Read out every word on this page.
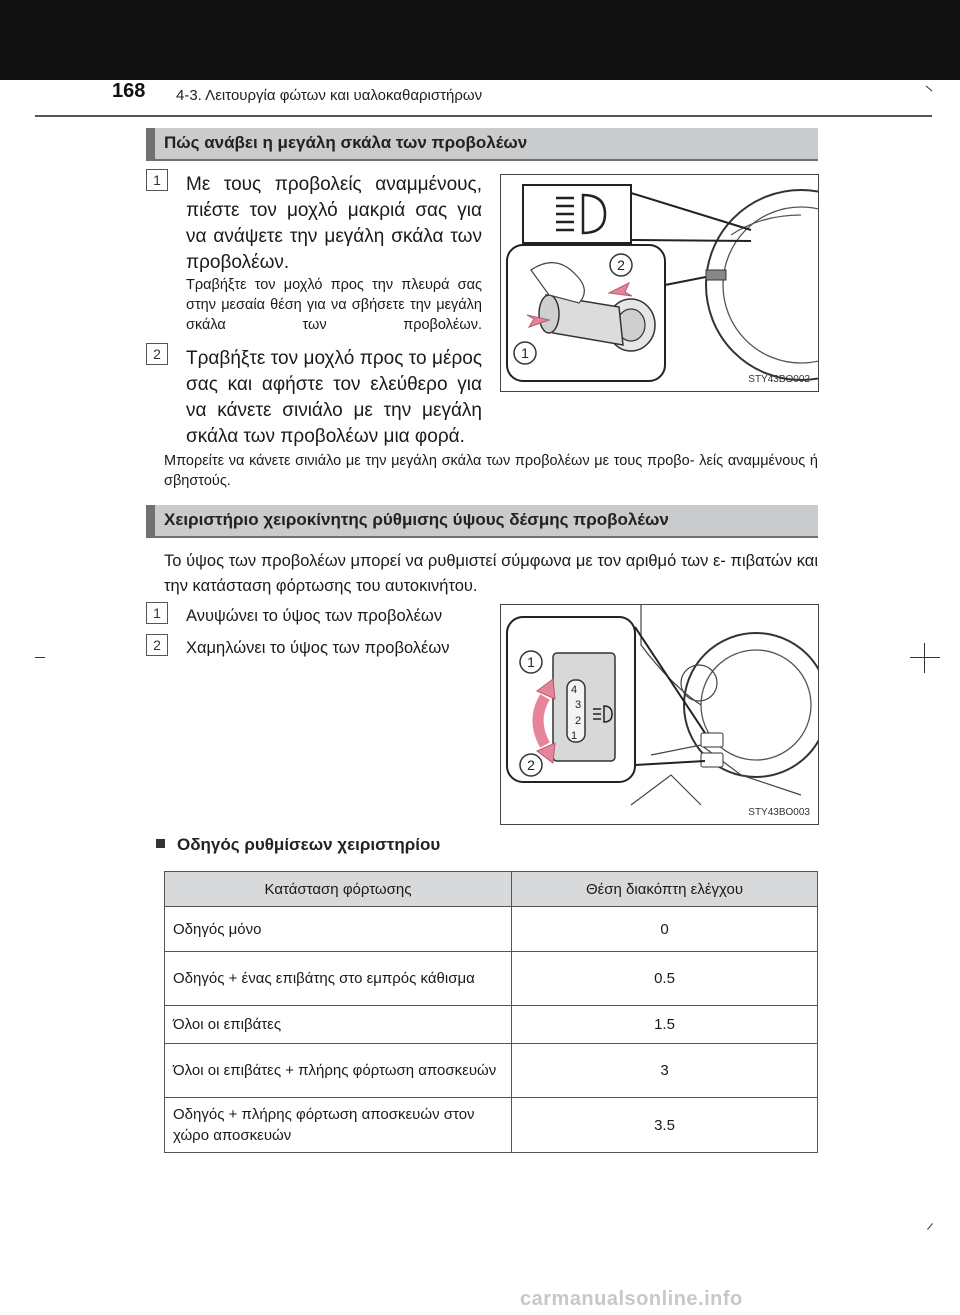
168 4-3. Λειτουργία φώτων και υαλοκαθαριστήρων
Πώς ανάβει η μεγάλη σκάλα των προβολέων
1 Με τους προβολείς αναμμένους, πιέστε τον μοχλό μακριά σας για να ανάψετε την μεγάλη σκάλα των προβολέων.
Τραβήξτε τον μοχλό προς την πλευρά σας στην μεσαία θέση για να σβήσετε την μεγάλη σκάλα των προβολέων.
2 Τραβήξτε τον μοχλό προς το μέρος σας και αφήστε τον ελεύθερο για να κάνετε σινιάλο με την μεγάλη σκάλα των προβολέων μια φορά.
Μπορείτε να κάνετε σινιάλο με την μεγάλη σκάλα των προβολέων με τους προβο- λείς αναμμένους ή σβηστούς.
1
2
STY43BO002
Χειριστήριο χειροκίνητης ρύθμισης ύψους δέσμης προβολέων
Το ύψος των προβολέων μπορεί να ρυθμιστεί σύμφωνα με τον αριθμό των ε- πιβατών και την κατάσταση φόρτωσης του αυτοκινήτου.
1 Ανυψώνει το ύψος των προβολέων
2 Χαμηλώνει το ύψος των προβολέων
4
3
2
1
1
2
STY43BO003
Οδηγός ρυθμίσεων χειριστηρίου
Κατάσταση φόρτωσης	Θέση διακόπτη ελέγχου
Οδηγός μόνο	0
Οδηγός + ένας επιβάτης στο εμπρός κάθισμα	0.5
Όλοι οι επιβάτες	1.5
Όλοι οι επιβάτες + πλήρης φόρτωση αποσκευών	3
Οδηγός + πλήρης φόρτωση αποσκευών στον χώρο αποσκευών	3.5
carmanualsonline.info
